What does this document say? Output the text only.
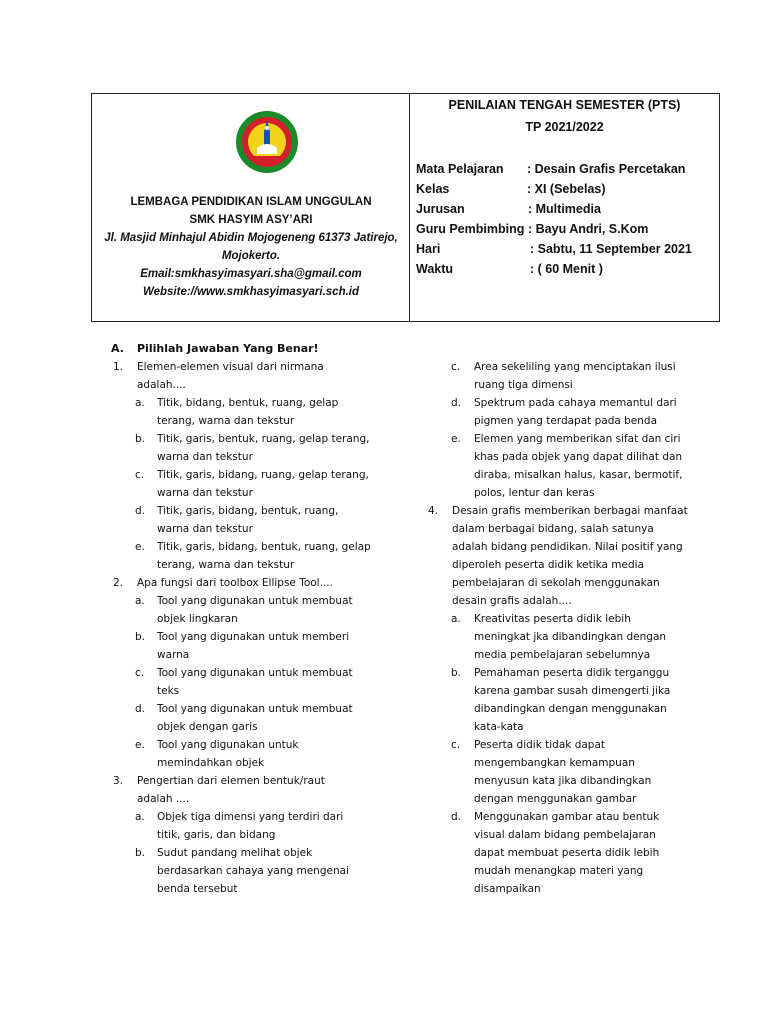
LEMBAGA PENDIDIKAN ISLAM UNGGULAN
SMK HASYIM ASY’ARI
Jl. Masjid Minhajul Abidin Mojogeneng 61373 Jatirejo,
Mojokerto.
Email:smkhasyimasyari.sha@gmail.com
Website://www.smkhasyimasyari.sch.id
PENILAIAN TENGAH SEMESTER (PTS)
TP 2021/2022
Mata Pelajaran : Desain Grafis Percetakan
Kelas	: XI (Sebelas)
Jurusan	: Multimedia
Guru Pembimbing : Bayu Andri, S.Kom
Hari	: Sabtu, 11 September 2021
Waktu	: ( 60 Menit )
A. Pilihlah Jawaban Yang Benar!
1. Elemen-elemen visual dari nirmana
adalah....
a. Titik, bidang, bentuk, ruang, gelap
terang, warna dan tekstur
b. Titik, garis, bentuk, ruang, gelap terang,
warna dan tekstur
c. Titik, garis, bidang, ruang, gelap terang,
warna dan tekstur
d. Titik, garis, bidang, bentuk, ruang,
warna dan tekstur
e. Titik, garis, bidang, bentuk, ruang, gelap
terang, warna dan tekstur
2. Apa fungsi dari toolbox Ellipse Tool....
a. Tool yang digunakan untuk membuat
objek lingkaran
b. Tool yang digunakan untuk memberi
warna
c. Tool yang digunakan untuk membuat
teks
d. Tool yang digunakan untuk membuat
objek dengan garis
e. Tool yang digunakan untuk
memindahkan objek
3. Pengertian dari elemen bentuk/raut
adalah ....
a. Objek tiga dimensi yang terdiri dari
titik, garis, dan bidang
b. Sudut pandang melihat objek
berdasarkan cahaya yang mengenai
benda tersebut
c. Area sekeliling yang menciptakan ilusi
ruang tiga dimensi
d. Spektrum pada cahaya memantul dari
pigmen yang terdapat pada benda
e. Elemen yang memberikan sifat dan ciri
khas pada objek yang dapat dilihat dan
diraba, misalkan halus, kasar, bermotif,
polos, lentur dan keras
4. Desain grafis memberikan berbagai manfaat
dalam berbagai bidang, salah satunya
adalah bidang pendidikan. Nilai positif yang
diperoleh peserta didik ketika media
pembelajaran di sekolah menggunakan
desain grafis adalah....
a. Kreativitas peserta didik lebih
meningkat jka dibandingkan dengan
media pembelajaran sebelumnya
b. Pemahaman peserta didik terganggu
karena gambar susah dimengerti jika
dibandingkan dengan menggunakan
kata-kata
c. Peserta didik tidak dapat
mengembangkan kemampuan
menyusun kata jika dibandingkan
dengan menggunakan gambar
d. Menggunakan gambar atau bentuk
visual dalam bidang pembelajaran
dapat membuat peserta didik lebih
mudah menangkap materi yang
disampaikan
